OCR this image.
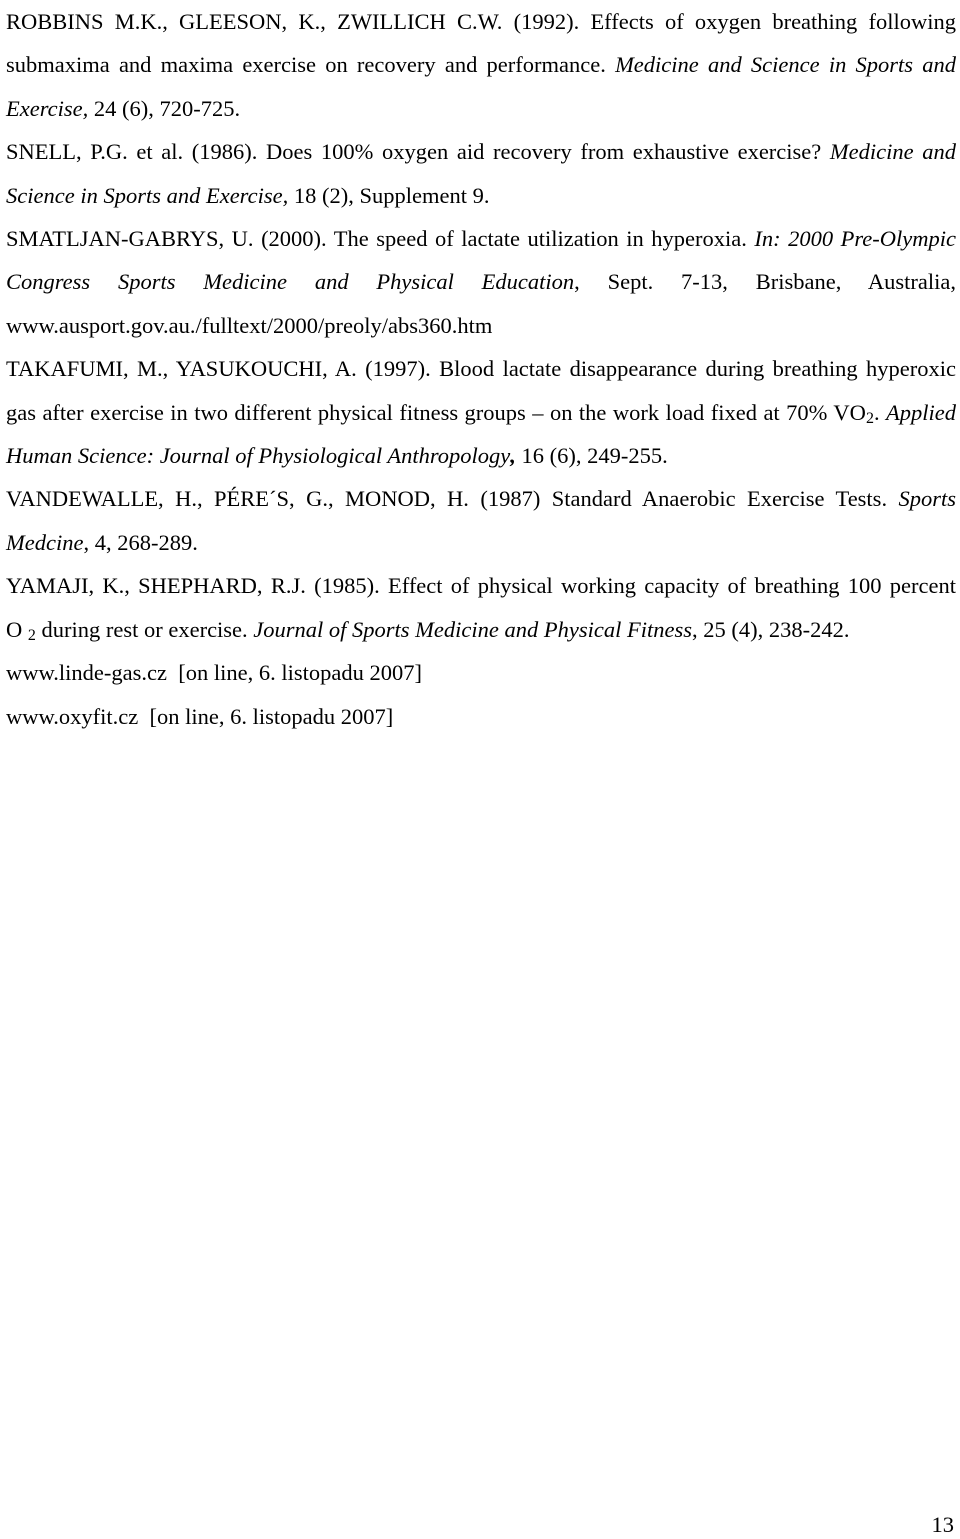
ROBBINS M.K., GLEESON, K., ZWILLICH C.W. (1992). Effects of oxygen breathing following submaxima and maxima exercise on recovery and performance. Medicine and Science in Sports and Exercise, 24 (6), 720-725.

SNELL, P.G. et al. (1986). Does 100% oxygen aid recovery from exhaustive exercise? Medicine and Science in Sports and Exercise, 18 (2), Supplement 9.

SMATLJAN-GABRYS, U. (2000). The speed of lactate utilization in hyperoxia. In: 2000 Pre-Olympic Congress Sports Medicine and Physical Education, Sept. 7-13, Brisbane, Australia, www.ausport.gov.au./fulltext/2000/preoly/abs360.htm

TAKAFUMI, M., YASUKOUCHI, A. (1997). Blood lactate disappearance during breathing hyperoxic gas after exercise in two different physical fitness groups – on the work load fixed at 70% $VO_2$. Applied Human Science: Journal of Physiological Anthropology, 16 (6), 249-255.

VANDEWALLE, H., PÉRE´S, G., MONOD, H. (1987) Standard Anaerobic Exercise Tests. Sports Medcine, 4, 268-289.

YAMAJI, K., SHEPHARD, R.J. (1985). Effect of physical working capacity of breathing 100 percent O $_2$ during rest or exercise. Journal of Sports Medicine and Physical Fitness, 25 (4), 238-242.

www.linde-gas.cz  [on line, 6. listopadu 2007]

www.oxyfit.cz  [on line, 6. listopadu 2007]

13
